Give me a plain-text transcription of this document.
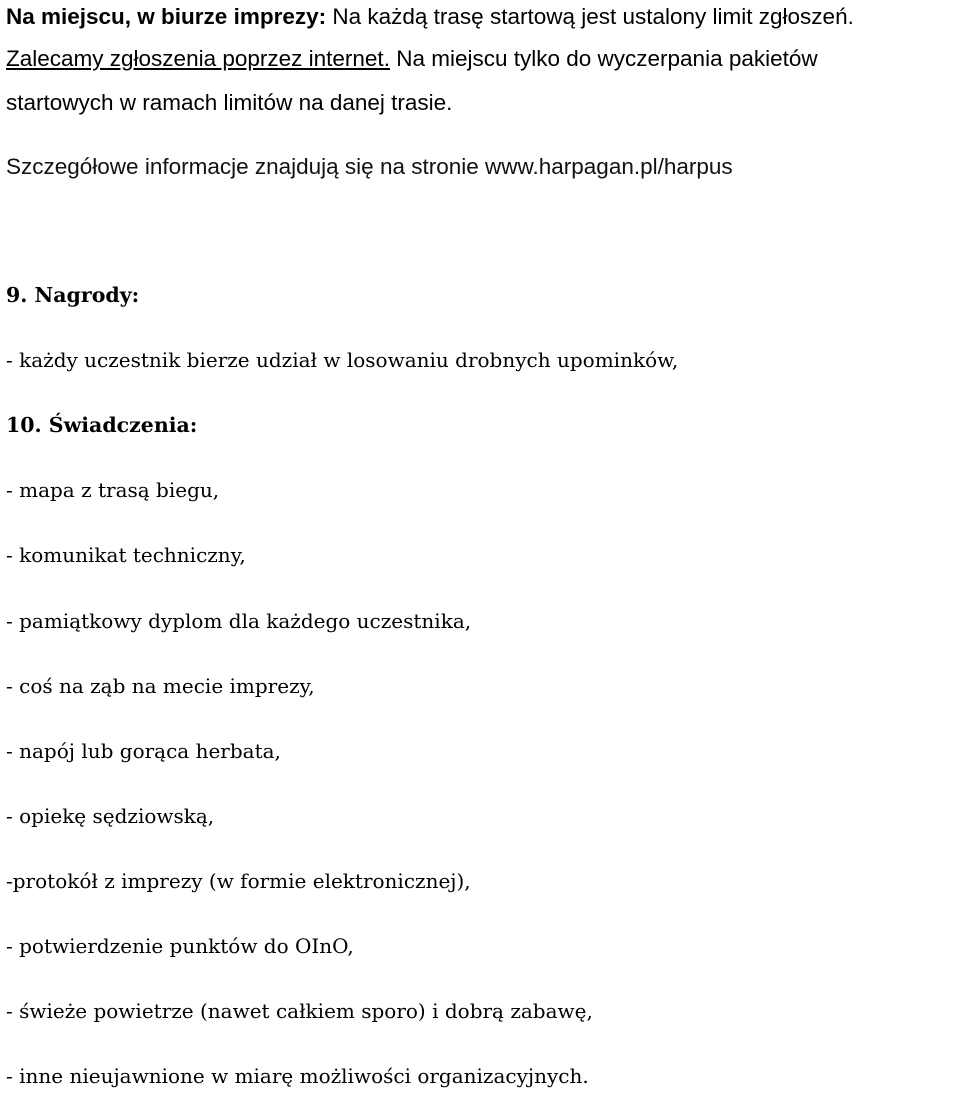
Na miejscu, w biurze imprezy: Na każdą trasę startową jest ustalony limit zgłoszeń.
Zalecamy zgłoszenia poprzez internet. Na miejscu tylko do wyczerpania pakietów
startowych w ramach limitów na danej trasie.
Szczegółowe informacje znajdują się na stronie www.harpagan.pl/harpus
9. Nagrody:
- każdy uczestnik bierze udział w losowaniu drobnych upominków,
10. Świadczenia:
- mapa z trasą biegu,
- komunikat techniczny,
- pamiątkowy dyplom dla każdego uczestnika,
- coś na ząb na mecie imprezy,
- napój lub gorąca herbata,
- opiekę sędziowską,
-protokół z imprezy (w formie elektronicznej),
- potwierdzenie punktów do OInO,
- świeże powietrze (nawet całkiem sporo) i dobrą zabawę,
- inne nieujawnione w miarę możliwości organizacyjnych.
